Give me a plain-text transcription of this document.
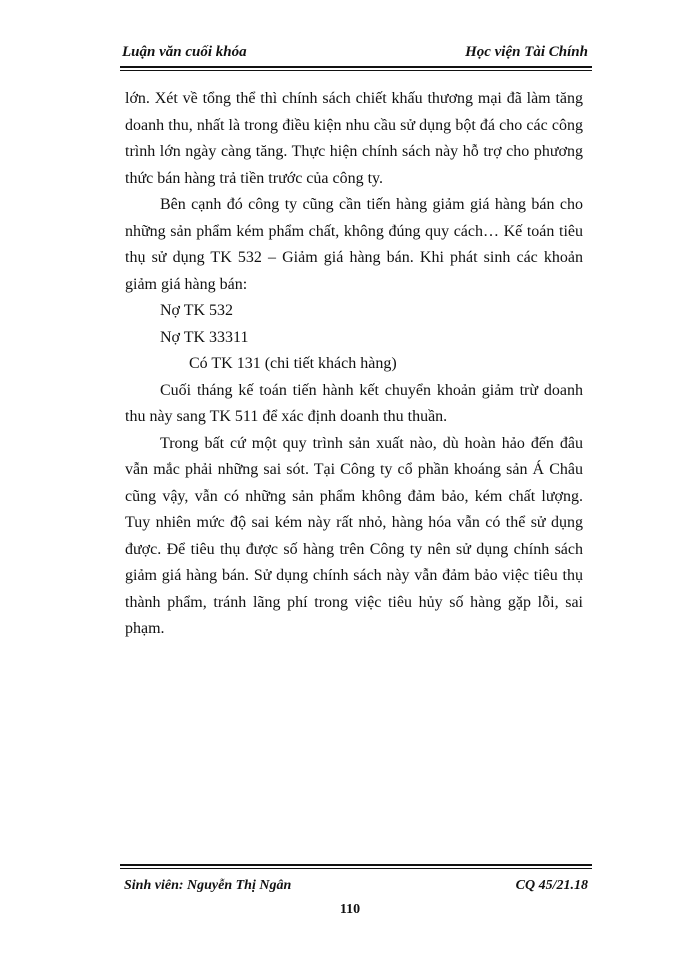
Luận văn cuối khóa	Học viện Tài Chính

lớn. Xét về tổng thể thì chính sách chiết khấu thương mại đã làm tăng doanh thu, nhất là trong điều kiện nhu cầu sử dụng bột đá cho các công trình lớn ngày càng tăng. Thực hiện chính sách này hỗ trợ cho phương thức bán hàng trả tiền trước của công ty.

Bên cạnh đó công ty cũng cần tiến hàng giảm giá hàng bán cho những sản phẩm kém phẩm chất, không đúng quy cách… Kế toán tiêu thụ sử dụng TK 532 – Giảm giá hàng bán. Khi phát sinh các khoản giảm giá hàng bán:

Nợ TK 532

Nợ TK 33311

Có TK 131 (chi tiết khách hàng)

Cuối tháng kế toán tiến hành kết chuyển khoản giảm trừ doanh thu này sang TK 511 để xác định doanh thu thuần.

Trong bất cứ một quy trình sản xuất nào, dù hoàn hảo đến đâu vẫn mắc phải những sai sót. Tại Công ty cổ phần khoáng sản Á Châu cũng vậy, vẫn có những sản phẩm không đảm bảo, kém chất lượng. Tuy nhiên mức độ sai kém này rất nhỏ, hàng hóa vẫn có thể sử dụng được. Để tiêu thụ được số hàng trên Công ty nên sử dụng chính sách giảm giá hàng bán. Sử dụng chính sách này vẫn đảm bảo việc tiêu thụ thành phẩm, tránh lãng phí trong việc tiêu hủy số hàng gặp lỗi, sai phạm.

Sinh viên: Nguyễn Thị Ngân	CQ 45/21.18
110
